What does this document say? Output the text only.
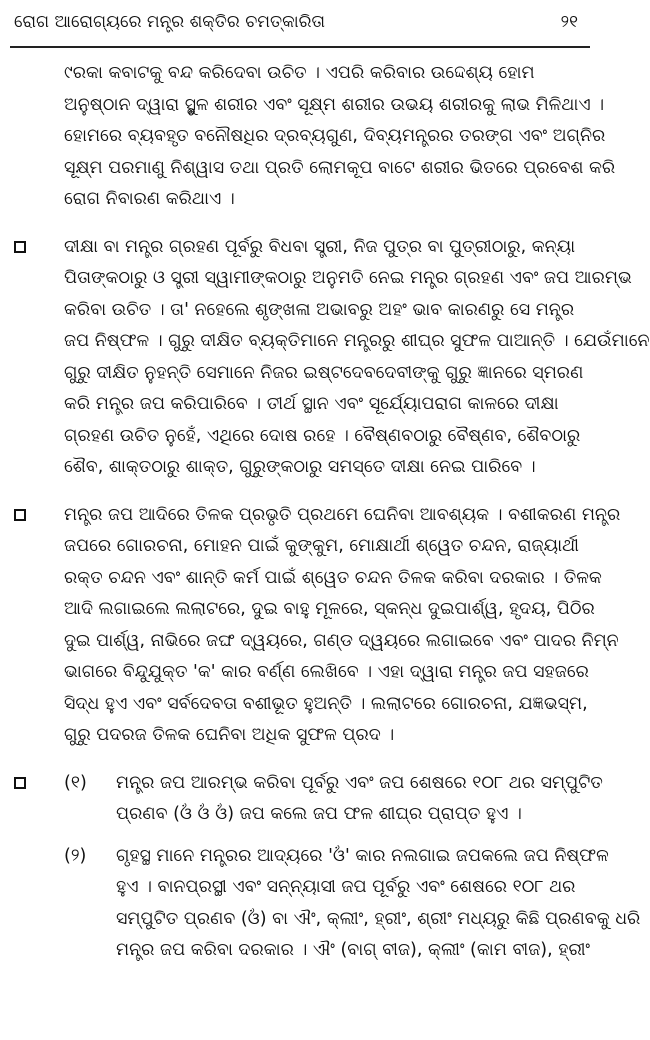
ରୋଗ ଆରୋଗ୍ୟରେ ମନ୍ତ୍ର ଶକ୍ତିର ଚମତ୍କାରିତା	୨୧
୯ରକା କବାଟକୁ ବନ୍ଦ କରିଦେବା ଉଚିତ । ଏପରି କରିବାର ଉଦ୍ଦେଶ୍ୟ ହୋମ
ଅନୁଷ୍ଠାନ ଦ୍ୱାରା ସ୍ଥୁଳ ଶରୀର ଏବଂ ସୂକ୍ଷ୍ମ ଶରୀର ଉଭୟ ଶରୀରକୁ ଲାଭ ମିଳିଥାଏ ।
ହୋମରେ ବ୍ୟବହୃତ ବନୌଷଧିର ଦ୍ରବ୍ୟଗୁଣ, ଦିବ୍ୟମନ୍ତ୍ରର ତରଙ୍ଗ ଏବଂ ଅଗ୍ନିର
ସୂକ୍ଷ୍ମ ପରମାଣୁ ନିଶ୍ୱାସ ତଥା ପ୍ରତି ଲୋମକୂପ ବାଟେ ଶରୀର ଭିତରେ ପ୍ରବେଶ କରି
ରୋଗ ନିବାରଣ କରିଥାଏ ।
ଦୀକ୍ଷା ବା ମନ୍ତ୍ର ଗ୍ରହଣ ପୂର୍ବରୁ ବିଧବା ସ୍ତ୍ରୀ, ନିଜ ପୁତ୍ର ବା ପୁତ୍ରୀଠାରୁ, କନ୍ୟା
ପିତାଙ୍କଠାରୁ ଓ ସ୍ତ୍ରୀ ସ୍ୱାମୀଙ୍କଠାରୁ ଅନୁମତି ନେଇ ମନ୍ତ୍ର ଗ୍ରହଣ ଏବଂ ଜପ ଆରମ୍ଭ
କରିବା ଉଚିତ । ତା' ନହେଲେ ଶୃଙ୍ଖଳା ଅଭାବରୁ ଅହଂ ଭାବ କାରଣରୁ ସେ ମନ୍ତ୍ର
ଜପ ନିଷ୍ଫଳ । ଗୁରୁ ଦୀକ୍ଷିତ ବ୍ୟକ୍ତିମାନେ ମନ୍ତ୍ରରୁ ଶୀଘ୍ର ସୁଫଳ ପାଆନ୍ତି । ଯେଉଁମାନେ
ଗୁରୁ ଦୀକ୍ଷିତ ନୁହନ୍ତି ସେମାନେ ନିଜର ଇଷ୍ଟଦେବଦେବୀଙ୍କୁ ଗୁରୁ ଜ୍ଞାନରେ ସ୍ମରଣ
କରି ମନ୍ତ୍ର ଜପ କରିପାରିବେ । ତୀର୍ଥ ସ୍ଥାନ ଏବଂ ସୂର୍ଯ୍ୟୋପରାଗ କାଳରେ ଦୀକ୍ଷା
ଗ୍ରହଣ ଉଚିତ ନୁହେଁ, ଏଥିରେ ଦୋଷ ରହେ । ବୈଷ୍ଣବଠାରୁ ବୈଷ୍ଣବ, ଶୈବଠାରୁ
ଶୈବ, ଶାକ୍ତଠାରୁ ଶାକ୍ତ, ଗୁରୁଙ୍କଠାରୁ ସମସ୍ତେ ଦୀକ୍ଷା ନେଇ ପାରିବେ ।
ମନ୍ତ୍ର ଜପ ଆଦିରେ ତିଳକ ପ୍ରଭୃତି ପ୍ରଥମେ ଘେନିବା ଆବଶ୍ୟକ । ବଶୀକରଣ ମନ୍ତ୍ର
ଜପରେ ଗୋରଚନା, ମୋହନ ପାଇଁ କୁଙ୍କୁମ, ମୋକ୍ଷାର୍ଥୀ ଶ୍ୱେତ ଚନ୍ଦନ, ରାଜ୍ୟାର୍ଥୀ
ରକ୍ତ ଚନ୍ଦନ ଏବଂ ଶାନ୍ତି କର୍ମ ପାଇଁ ଶ୍ୱେତ ଚନ୍ଦନ ତିଳକ କରିବା ଦରକାର । ତିଳକ
ଆଦି ଲଗାଇଲେ ଲଲାଟରେ, ଦୁଇ ବାହୁ ମୂଳରେ, ସ୍କନ୍ଧ ଦୁଇପାର୍ଶ୍ୱ, ହୃଦୟ, ପିଠିର
ଦୁଇ ପାର୍ଶ୍ୱ, ନାଭିରେ ଜଙ୍ଘ ଦ୍ୱୟରେ, ଗଣ୍ଡ ଦ୍ୱୟରେ ଲଗାଇବେ ଏବଂ ପାଦର ନିମ୍ନ
ଭାଗରେ ବିନ୍ଦୁଯୁକ୍ତ 'କ' କାର ବର୍ଣ୍ଣ ଲେଖିବେ । ଏହା ଦ୍ୱାରା ମନ୍ତ୍ର ଜପ ସହଜରେ
ସିଦ୍ଧ ହୁଏ ଏବଂ ସର୍ବଦେବତା ବଶୀଭୂତ ହୁଅନ୍ତି । ଲଲାଟରେ ଗୋରଚନା, ଯଜ୍ଞଭସ୍ମ,
ଗୁରୁ ପଦରଜ ତିଳକ ଘେନିବା ଅଧିକ ସୁଫଳ ପ୍ରଦ ।
(୧) ମନ୍ତ୍ର ଜପ ଆରମ୍ଭ କରିବା ପୂର୍ବରୁ ଏବଂ ଜପ ଶେଷରେ ୧୦୮ ଥର ସମ୍ପୁଟିତ
ପ୍ରଣବ (ଓଁ ଓଁ ଓଁ) ଜପ କଲେ ଜପ ଫଳ ଶୀଘ୍ର ପ୍ରାପ୍ତ ହୁଏ ।
(୨) ଗୃହସ୍ଥ ମାନେ ମନ୍ତ୍ରର ଆଦ୍ୟରେ 'ଓଁ' କାର ନଲଗାଇ ଜପକଲେ ଜପ ନିଷ୍ଫଳ
ହୁଏ । ବାନପ୍ରସ୍ଥୀ ଏବଂ ସନ୍ନ୍ୟାସୀ ଜପ ପୂର୍ବରୁ ଏବଂ ଶେଷରେ ୧୦୮ ଥର
ସମ୍ପୁଟିତ ପ୍ରଣବ (ଓଁ) ବା ଐଂ, କ୍ଲୀଂ, ହ୍ରୀଂ, ଶ୍ରୀଂ ମଧ୍ୟରୁ କିଛି ପ୍ରଣବକୁ ଧରି
ମନ୍ତ୍ର ଜପ କରିବା ଦରକାର । ଐଂ (ବାଗ୍ ବୀଜ), କ୍ଲୀଂ (କାମ ବୀଜ), ହ୍ରୀଂ
